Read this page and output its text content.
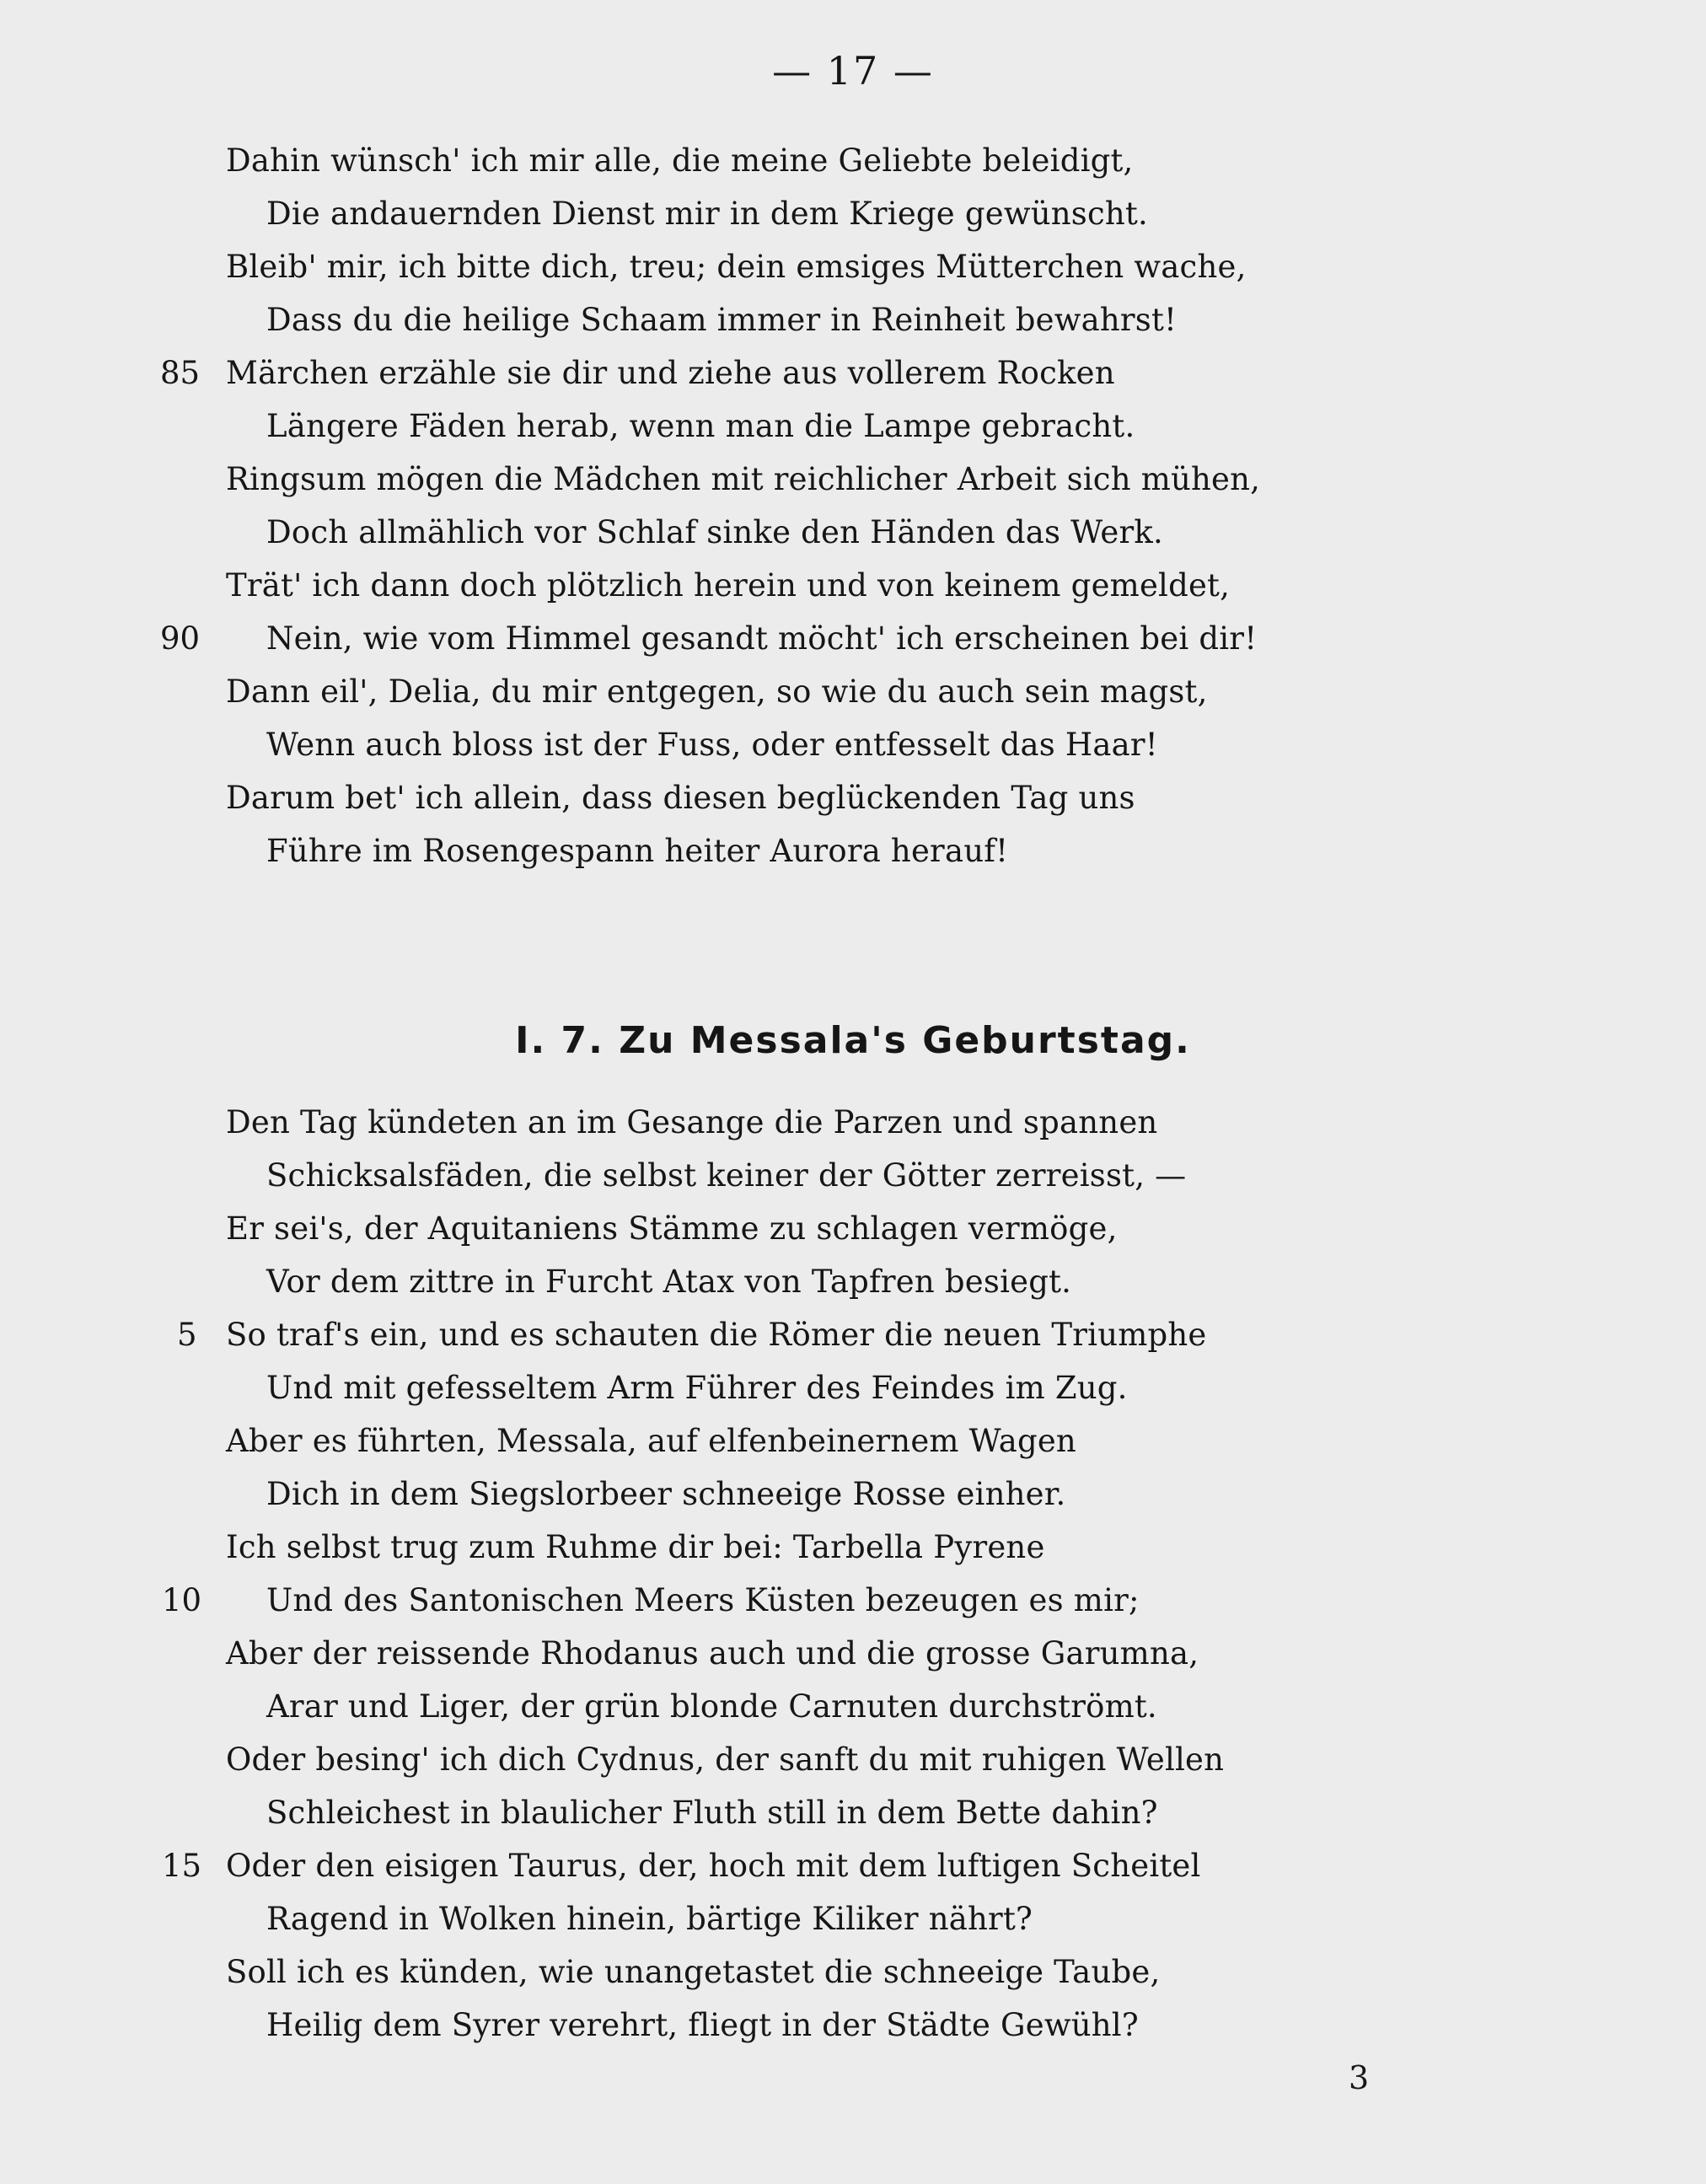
— 17 —
Dahin wünsch' ich mir alle, die meine Geliebte beleidigt,
Die andauernden Dienst mir in dem Kriege gewünscht.
Bleib' mir, ich bitte dich, treu; dein emsiges Mütterchen wache,
Dass du die heilige Schaam immer in Reinheit bewahrst!
85 Märchen erzähle sie dir und ziehe aus vollerem Rocken
Längere Fäden herab, wenn man die Lampe gebracht.
Ringsum mögen die Mädchen mit reichlicher Arbeit sich mühen,
Doch allmählich vor Schlaf sinke den Händen das Werk.
Trät' ich dann doch plötzlich herein und von keinem gemeldet,
90 Nein, wie vom Himmel gesandt möcht' ich erscheinen bei dir!
Dann eil', Delia, du mir entgegen, so wie du auch sein magst,
Wenn auch bloss ist der Fuss, oder entfesselt das Haar!
Darum bet' ich allein, dass diesen beglückenden Tag uns
Führe im Rosengespann heiter Aurora herauf!
I. 7. Zu Messala's Geburtstag.
Den Tag kündeten an im Gesange die Parzen und spannen
Schicksalsfäden, die selbst keiner der Götter zerreisst, —
Er sei's, der Aquitaniens Stämme zu schlagen vermöge,
Vor dem zittre in Furcht Atax von Tapfren besiegt.
5 So traf's ein, und es schauten die Römer die neuen Triumphe
Und mit gefesseltem Arm Führer des Feindes im Zug.
Aber es führten, Messala, auf elfenbeinernem Wagen
Dich in dem Siegslorbeer schneeige Rosse einher.
Ich selbst trug zum Ruhme dir bei: Tarbella Pyrene
10 Und des Santonischen Meers Küsten bezeugen es mir;
Aber der reissende Rhodanus auch und die grosse Garumna,
Arar und Liger, der grün blonde Carnuten durchströmt.
Oder besing' ich dich Cydnus, der sanft du mit ruhigen Wellen
Schleichest in blaulicher Fluth still in dem Bette dahin?
15 Oder den eisigen Taurus, der, hoch mit dem luftigen Scheitel
Ragend in Wolken hinein, bärtige Kiliker nährt?
Soll ich es künden, wie unangetastet die schneeige Taube,
Heilig dem Syrer verehrt, fliegt in der Städte Gewühl?
3
